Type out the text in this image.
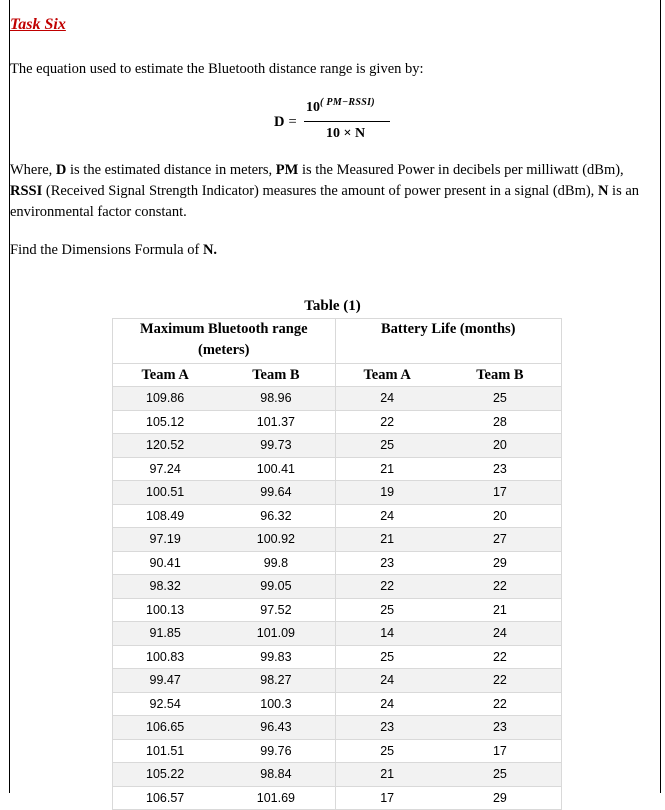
Task Six
The equation used to estimate the Bluetooth distance range is given by:
D =
$10^{( PM-RSSI)}$
10 × N
Where, D is the estimated distance in meters, PM is the Measured Power in decibels per milliwatt (dBm), RSSI (Received Signal Strength Indicator) measures the amount of power present in a signal (dBm), N is an environmental factor constant.
Find the Dimensions Formula of N.
Table (1)
Maximum Bluetooth range (meters)		Battery Life (months)	
Team A	Team B	Team A	Team B
109.86	98.96	24	25
105.12	101.37	22	28
120.52	99.73	25	20
97.24	100.41	21	23
100.51	99.64	19	17
108.49	96.32	24	20
97.19	100.92	21	27
90.41	99.8	23	29
98.32	99.05	22	22
100.13	97.52	25	21
91.85	101.09	14	24
100.83	99.83	25	22
99.47	98.27	24	22
92.54	100.3	24	22
106.65	96.43	23	23
101.51	99.76	25	17
105.22	98.84	21	25
106.57	101.69	17	29
